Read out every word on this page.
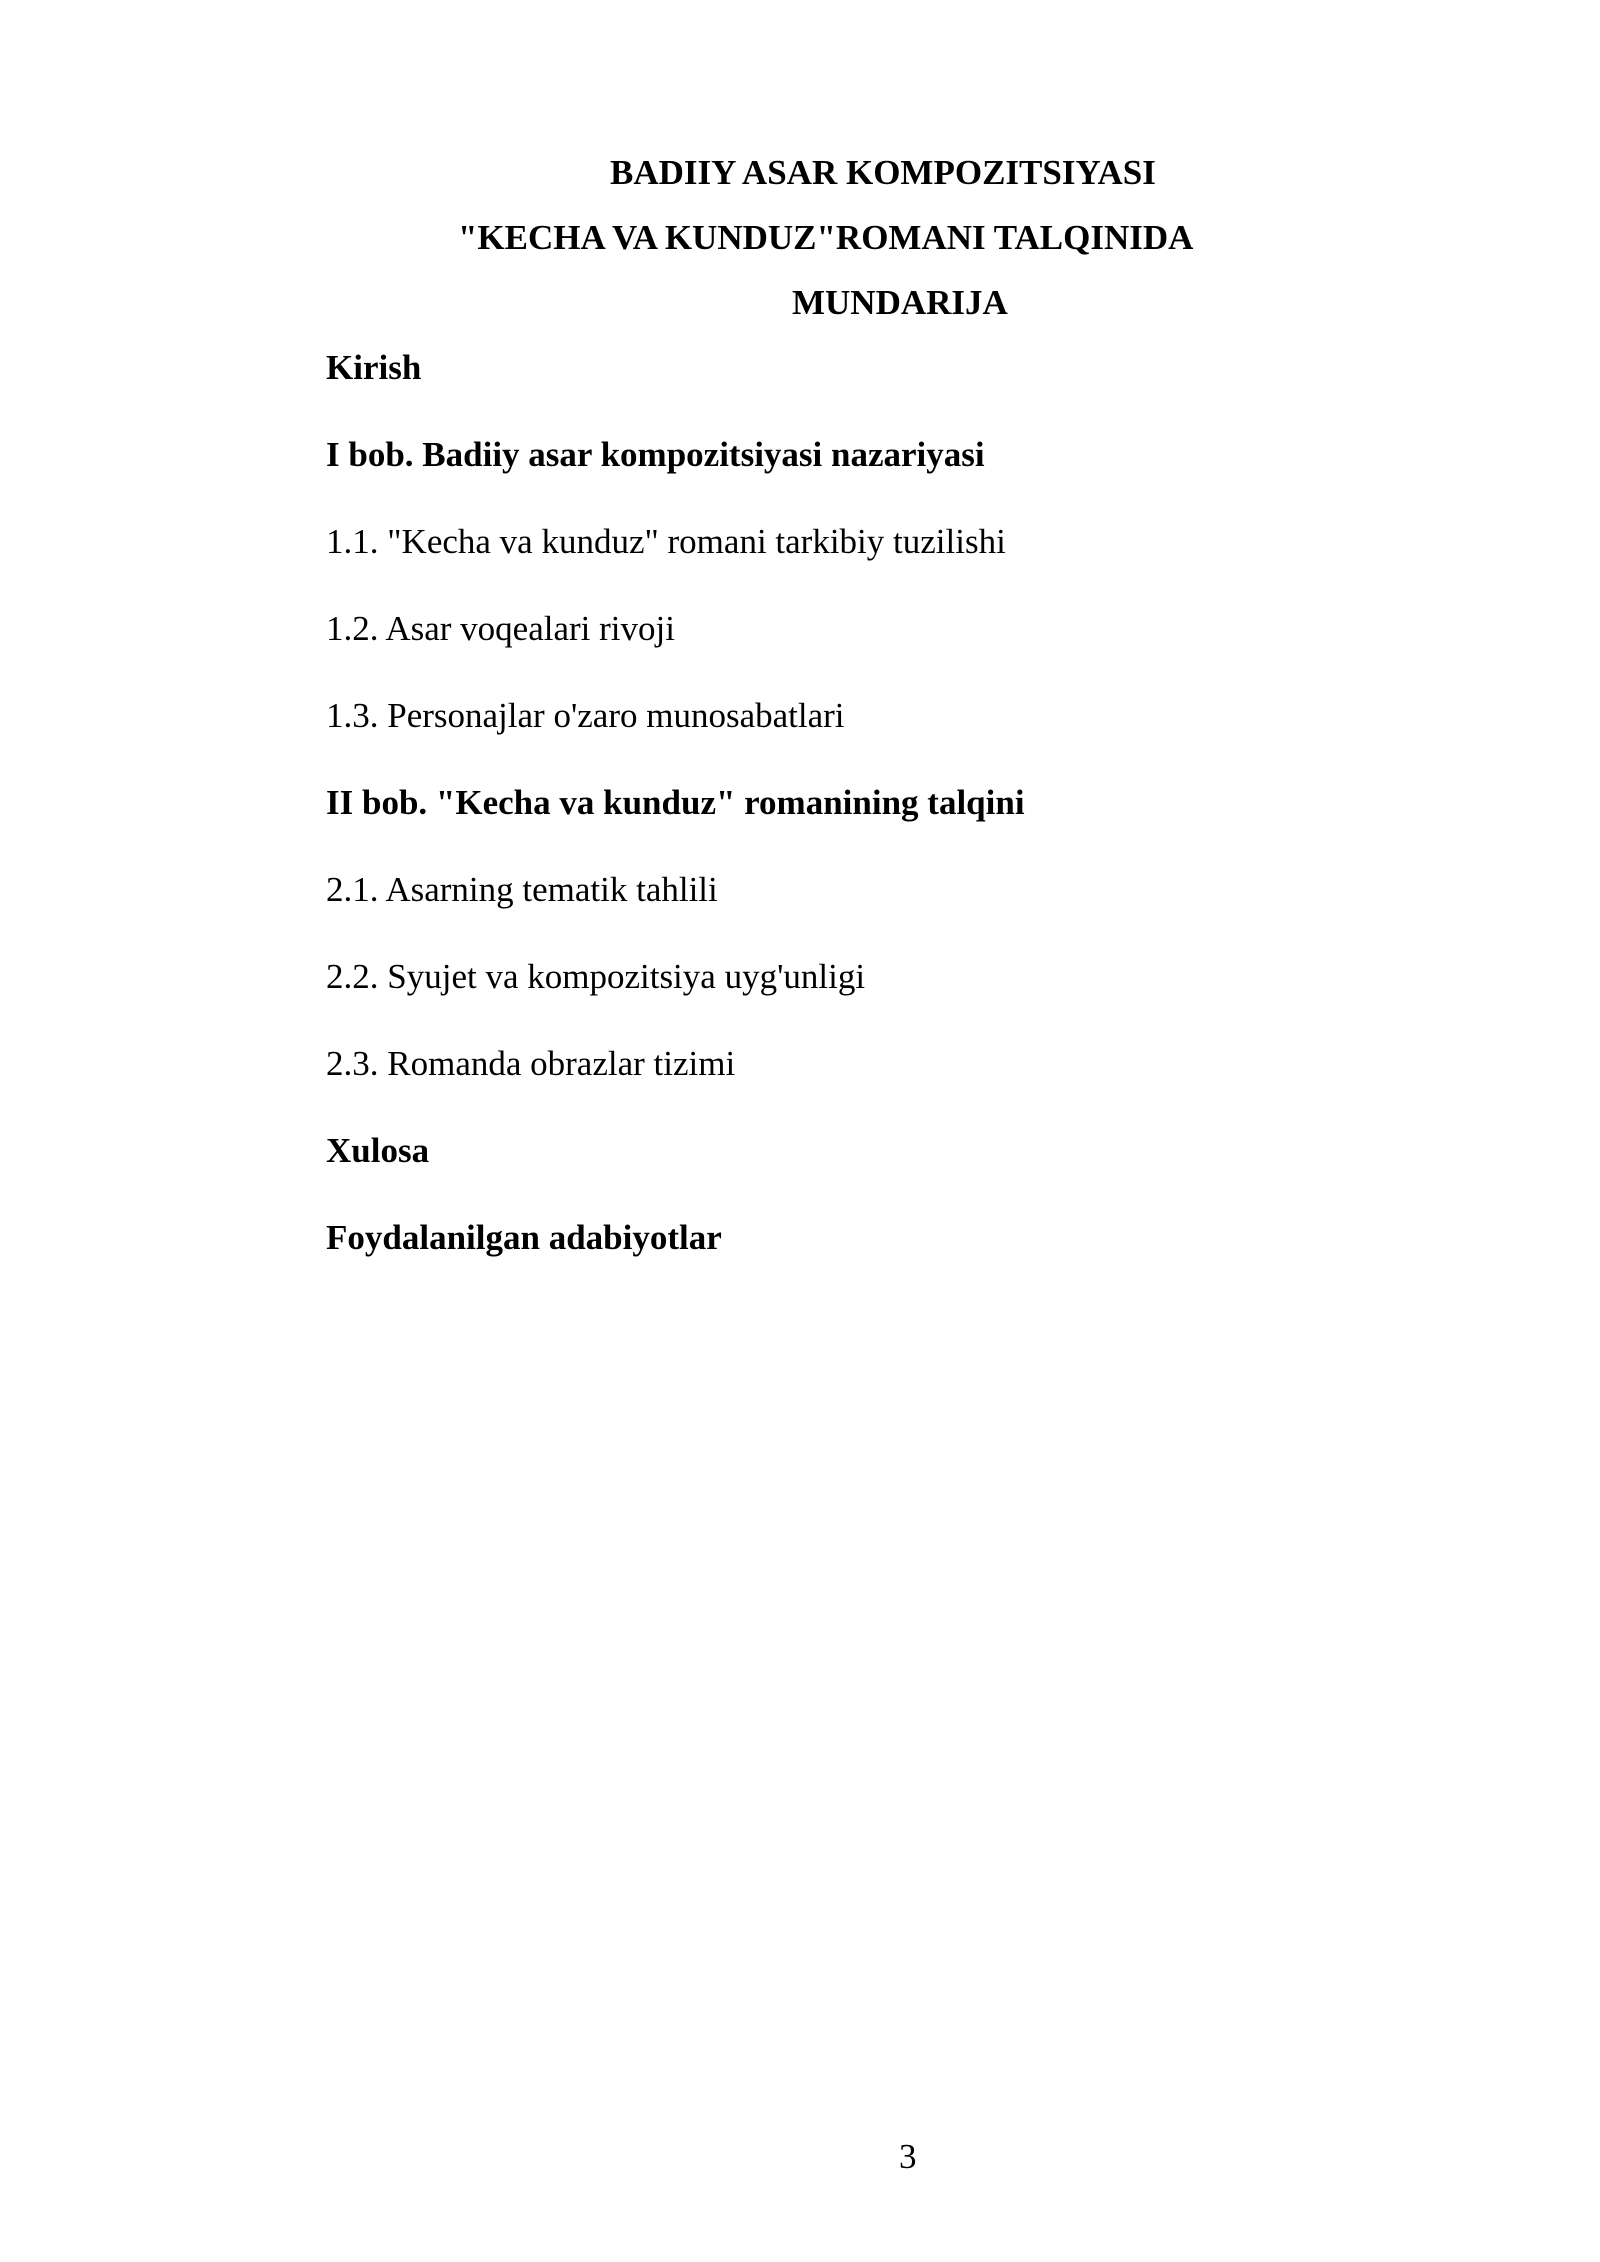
BADIIY ASAR KOMPOZITSIYASI
"KECHA VA KUNDUZ"ROMANI TALQINIDA
MUNDARIJA
Kirish
I bob. Badiiy asar kompozitsiyasi nazariyasi
1.1. "Kecha va kunduz" romani tarkibiy tuzilishi
1.2. Asar voqealari rivoji
1.3. Personajlar o'zaro munosabatlari
II bob. "Kecha va kunduz" romanining talqini
2.1. Asarning tematik tahlili
2.2. Syujet va kompozitsiya uyg'unligi
2.3. Romanda obrazlar tizimi
Xulosa
Foydalanilgan adabiyotlar
3
